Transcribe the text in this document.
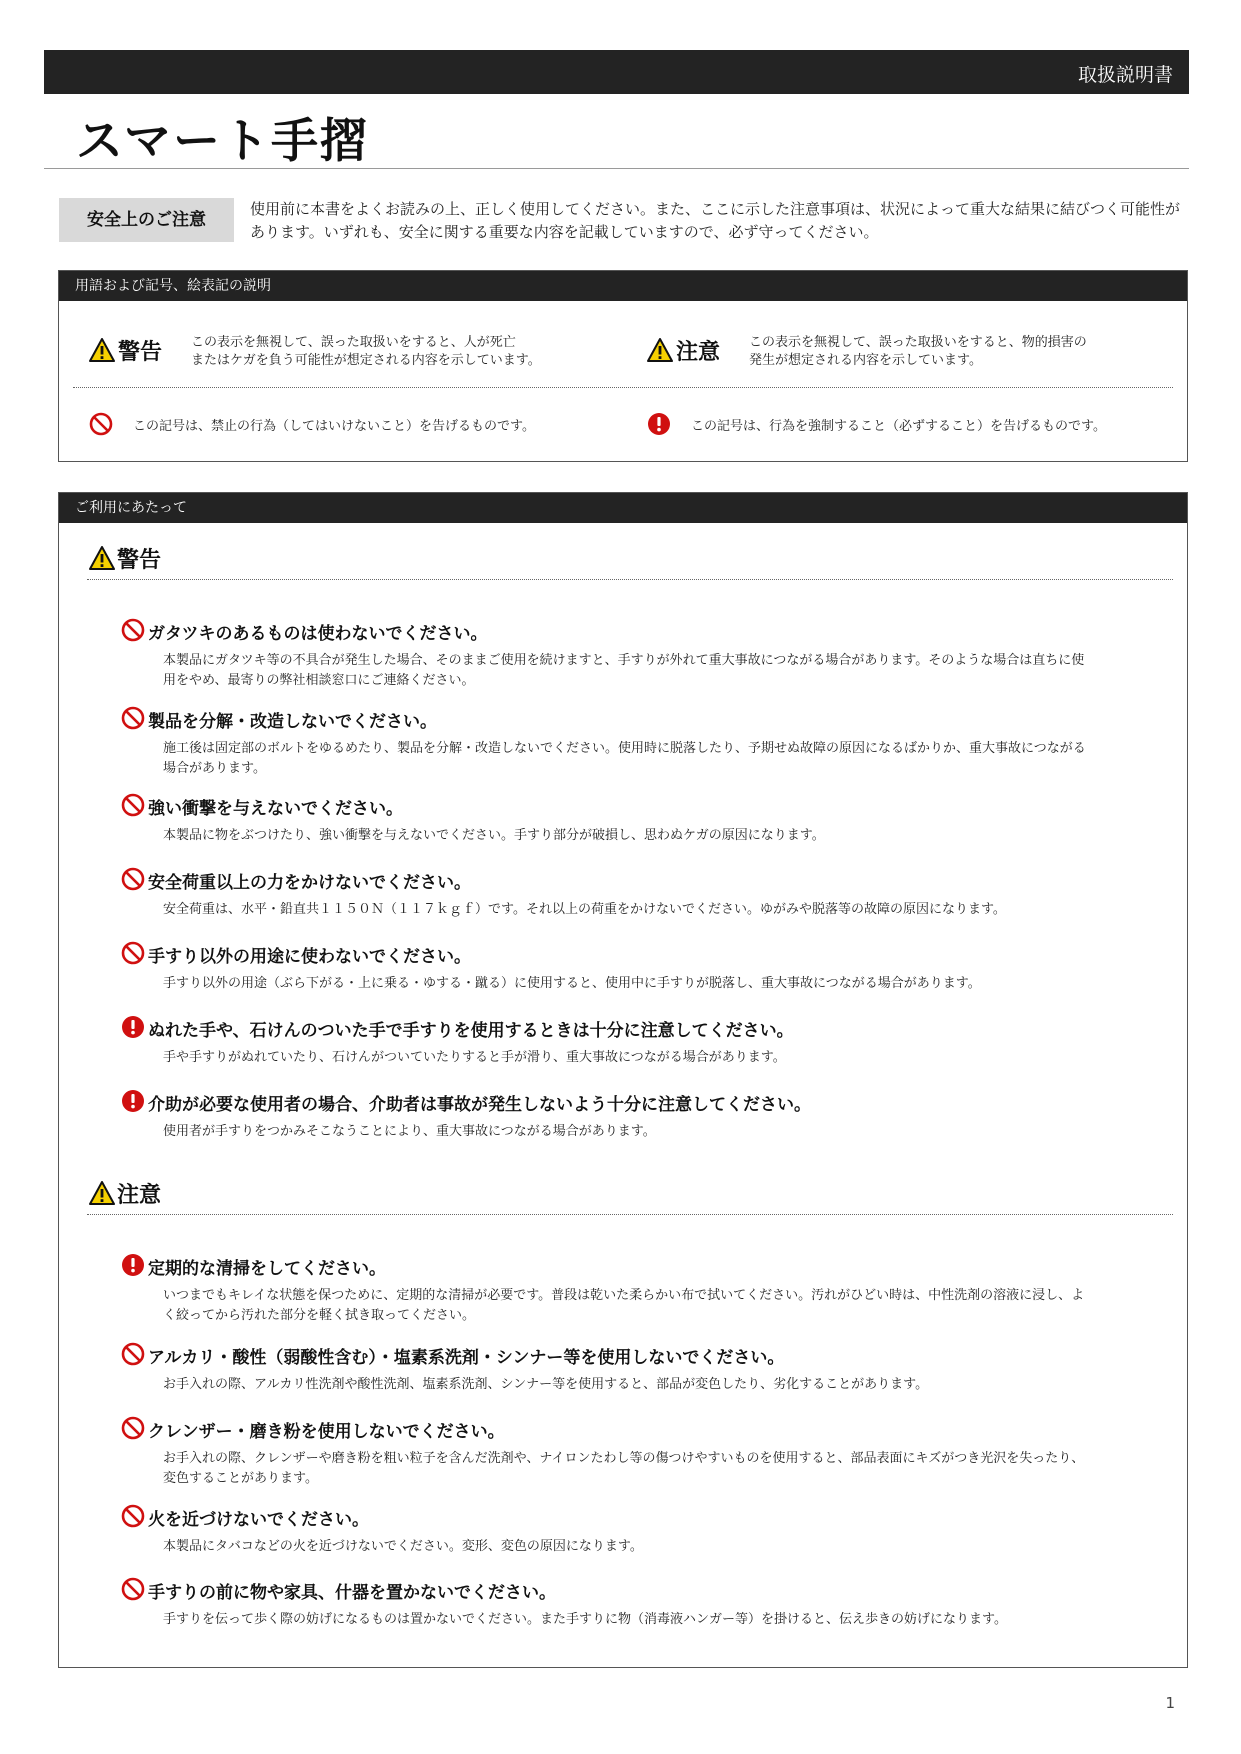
取扱説明書
スマート手摺
安全上のご注意
使用前に本書をよくお読みの上、正しく使用してください。また、ここに示した注意事項は、状況によって重大な結果に結びつく可能性があります。いずれも、安全に関する重要な内容を記載していますので、必ず守ってください。
用語および記号、絵表記の説明
警告 この表示を無視して、誤った取扱いをすると、人が死亡
またはケガを負う可能性が想定される内容を示しています。	注意 この表示を無視して、誤った取扱いをすると、物的損害の
発生が想定される内容を示しています。
この記号は、禁止の行為（してはいけないこと）を告げるものです。	この記号は、行為を強制すること（必ずすること）を告げるものです。
ご利用にあたって
警告
ガタツキのあるものは使わないでください。
本製品にガタツキ等の不具合が発生した場合、そのままご使用を続けますと、手すりが外れて重大事故につながる場合があります。そのような場合は直ちに使用をやめ、最寄りの弊社相談窓口にご連絡ください。
製品を分解・改造しないでください。
施工後は固定部のボルトをゆるめたり、製品を分解・改造しないでください。使用時に脱落したり、予期せぬ故障の原因になるばかりか、重大事故につながる場合があります。
強い衝撃を与えないでください。
本製品に物をぶつけたり、強い衝撃を与えないでください。手すり部分が破損し、思わぬケガの原因になります。
安全荷重以上の力をかけないでください。
安全荷重は、水平・鉛直共１１５０Ｎ（１１７ｋｇｆ）です。それ以上の荷重をかけないでください。ゆがみや脱落等の故障の原因になります。
手すり以外の用途に使わないでください。
手すり以外の用途（ぶら下がる・上に乗る・ゆする・蹴る）に使用すると、使用中に手すりが脱落し、重大事故につながる場合があります。
ぬれた手や、石けんのついた手で手すりを使用するときは十分に注意してください。
手や手すりがぬれていたり、石けんがついていたりすると手が滑り、重大事故につながる場合があります。
介助が必要な使用者の場合、介助者は事故が発生しないよう十分に注意してください。
使用者が手すりをつかみそこなうことにより、重大事故につながる場合があります。
注意
定期的な清掃をしてください。
いつまでもキレイな状態を保つために、定期的な清掃が必要です。普段は乾いた柔らかい布で拭いてください。汚れがひどい時は、中性洗剤の溶液に浸し、よく絞ってから汚れた部分を軽く拭き取ってください。
アルカリ・酸性（弱酸性含む）・塩素系洗剤・シンナー等を使用しないでください。
お手入れの際、アルカリ性洗剤や酸性洗剤、塩素系洗剤、シンナー等を使用すると、部品が変色したり、劣化することがあります。
クレンザー・磨き粉を使用しないでください。
お手入れの際、クレンザーや磨き粉を粗い粒子を含んだ洗剤や、ナイロンたわし等の傷つけやすいものを使用すると、部品表面にキズがつき光沢を失ったり、変色することがあります。
火を近づけないでください。
本製品にタバコなどの火を近づけないでください。変形、変色の原因になります。
手すりの前に物や家具、什器を置かないでください。
手すりを伝って歩く際の妨げになるものは置かないでください。また手すりに物（消毒液ハンガー等）を掛けると、伝え歩きの妨げになります。
1
